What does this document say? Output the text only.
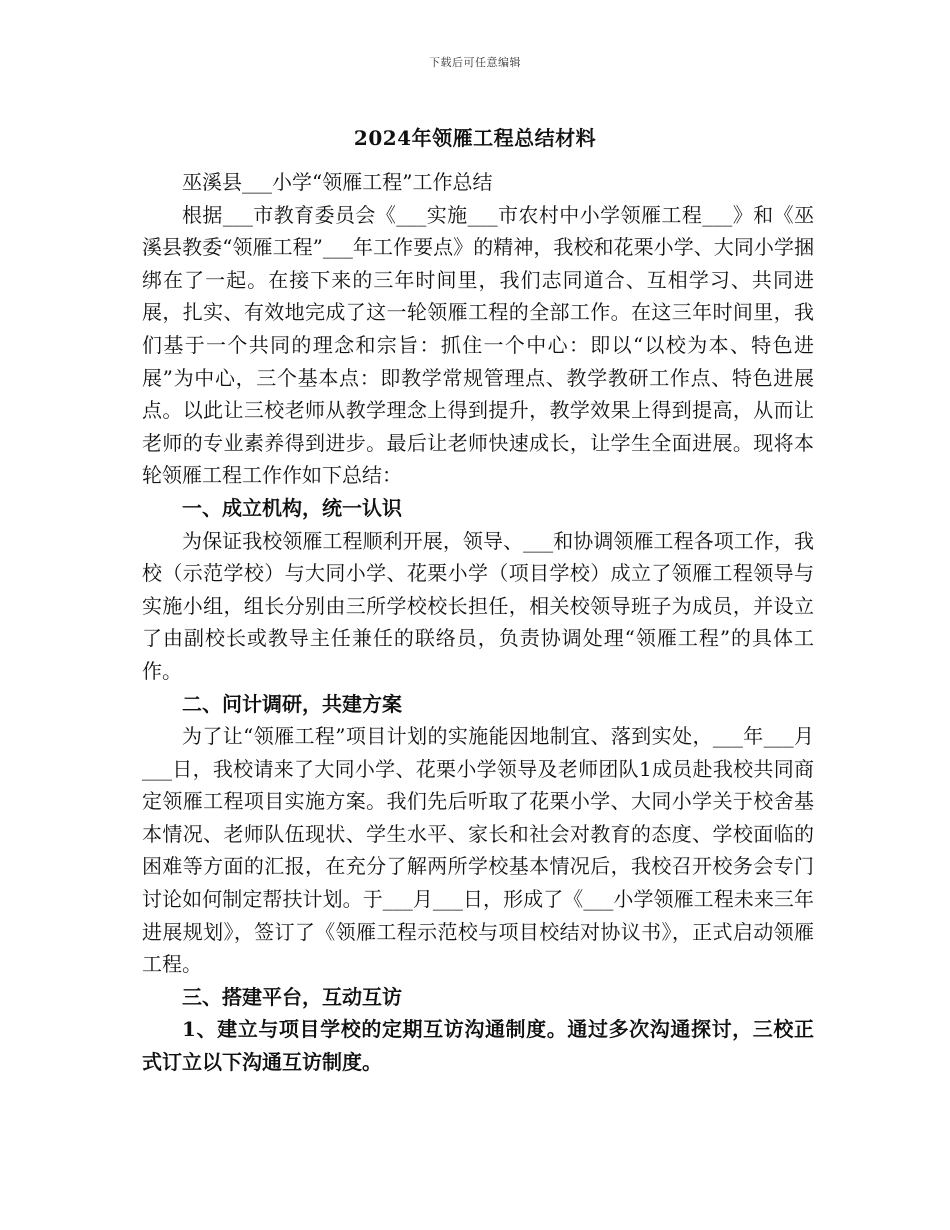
下载后可任意编辑
2024年领雁工程总结材料

巫溪县___小学“领雁工程”工作总结

根据___市教育委员会《___实施___市农村中小学领雁工程___》和《巫溪县教委“领雁工程”___年工作要点》的精神，我校和花栗小学、大同小学捆绑在了一起。在接下来的三年时间里，我们志同道合、互相学习、共同进展，扎实、有效地完成了这一轮领雁工程的全部工作。在这三年时间里，我们基于一个共同的理念和宗旨：抓住一个中心：即以“以校为本、特色进展”为中心，三个基本点：即教学常规管理点、教学教研工作点、特色进展点。以此让三校老师从教学理念上得到提升，教学效果上得到提高，从而让老师的专业素养得到进步。最后让老师快速成长，让学生全面进展。现将本轮领雁工程工作作如下总结：

一、成立机构，统一认识

为保证我校领雁工程顺利开展，领导、___和协调领雁工程各项工作，我校（示范学校）与大同小学、花栗小学（项目学校）成立了领雁工程领导与实施小组，组长分别由三所学校校长担任，相关校领导班子为成员，并设立了由副校长或教导主任兼任的联络员，负责协调处理“领雁工程”的具体工作。

二、问计调研，共建方案

为了让“领雁工程”项目计划的实施能因地制宜、落到实处，___年___月___日，我校请来了大同小学、花栗小学领导及老师团队1成员赴我校共同商定领雁工程项目实施方案。我们先后听取了花栗小学、大同小学关于校舍基本情况、老师队伍现状、学生水平、家长和社会对教育的态度、学校面临的困难等方面的汇报，在充分了解两所学校基本情况后，我校召开校务会专门讨论如何制定帮扶计划。于___月___日，形成了《___小学领雁工程未来三年进展规划》，签订了《领雁工程示范校与项目校结对协议书》，正式启动领雁工程。

三、搭建平台，互动互访

1、建立与项目学校的定期互访沟通制度。通过多次沟通探讨，三校正式订立以下沟通互访制度。
